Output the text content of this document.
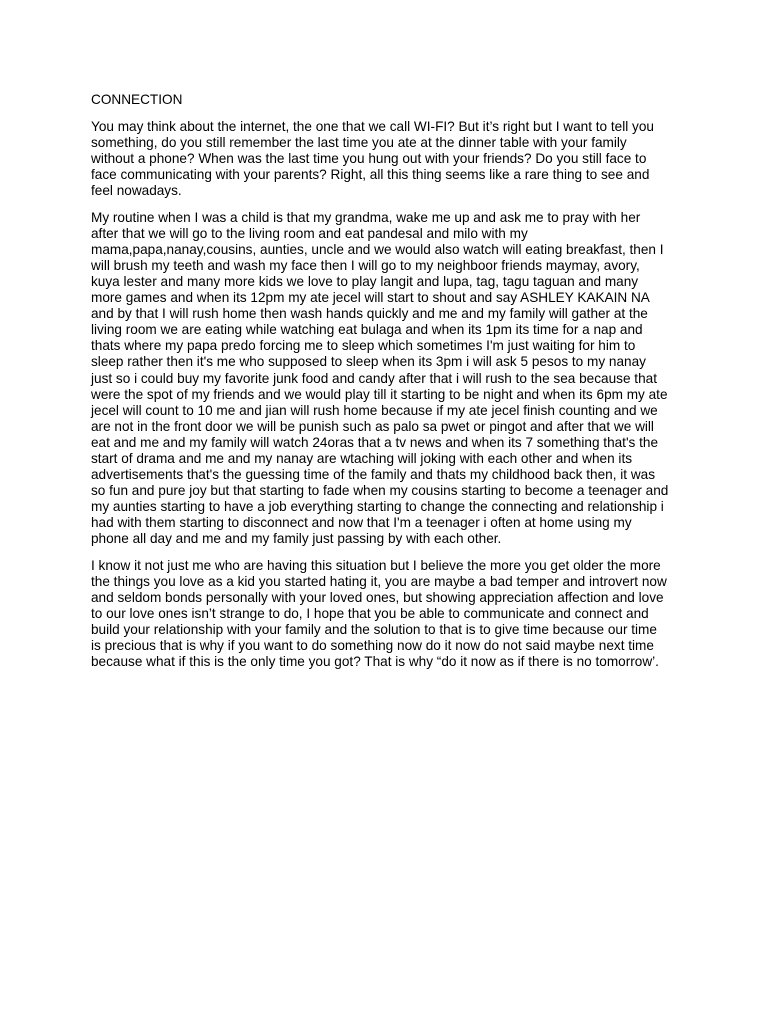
CONNECTION

You may think about the internet, the one that we call WI-FI? But it’s right but I want to tell you
something, do you still remember the last time you ate at the dinner table with your family
without a phone? When was the last time you hung out with your friends? Do you still face to
face communicating with your parents? Right, all this thing seems like a rare thing to see and
feel nowadays.

My routine when I was a child is that my grandma, wake me up and ask me to pray with her
after that we will go to the living room and eat pandesal and milo with my
mama,papa,nanay,cousins, aunties, uncle and we would also watch will eating breakfast, then I
will brush my teeth and wash my face then I will go to my neighboor friends maymay, avory,
kuya lester and many more kids we love to play langit and lupa, tag, tagu taguan and many
more games and when its 12pm my ate jecel will start to shout and say ASHLEY KAKAIN NA
and by that I will rush home then wash hands quickly and me and my family will gather at the
living room we are eating while watching eat bulaga and when its 1pm its time for a nap and
thats where my papa predo forcing me to sleep which sometimes I'm just waiting for him to
sleep rather then it's me who supposed to sleep when its 3pm i will ask 5 pesos to my nanay
just so i could buy my favorite junk food and candy after that i will rush to the sea because that
were the spot of my friends and we would play till it starting to be night and when its 6pm my ate
jecel will count to 10 me and jian will rush home because if my ate jecel finish counting and we
are not in the front door we will be punish such as palo sa pwet or pingot and after that we will
eat and me and my family will watch 24oras that a tv news and when its 7 something that's the
start of drama and me and my nanay are wtaching will joking with each other and when its
advertisements that's the guessing time of the family and thats my childhood back then, it was
so fun and pure joy but that starting to fade when my cousins starting to become a teenager and
my aunties starting to have a job everything starting to change the connecting and relationship i
had with them starting to disconnect and now that I'm a teenager i often at home using my
phone all day and me and my family just passing by with each other.

I know it not just me who are having this situation but I believe the more you get older the more
the things you love as a kid you started hating it, you are maybe a bad temper and introvert now
and seldom bonds personally with your loved ones, but showing appreciation affection and love
to our love ones isn’t strange to do, I hope that you be able to communicate and connect and
build your relationship with your family and the solution to that is to give time because our time
is precious that is why if you want to do something now do it now do not said maybe next time
because what if this is the only time you got? That is why “do it now as if there is no tomorrow’.
